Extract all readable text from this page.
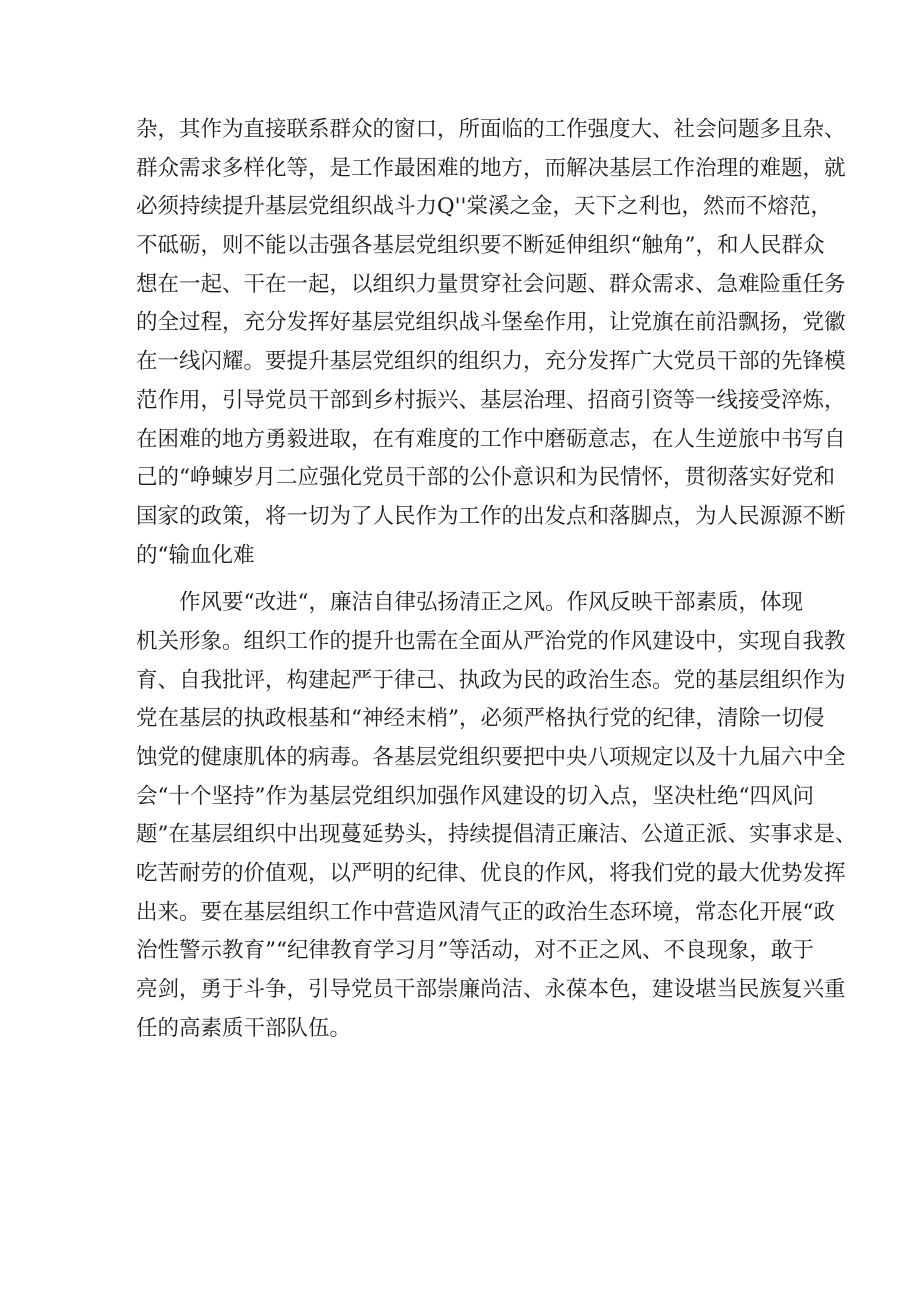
杂，其作为直接联系群众的窗口，所面临的工作强度大、社会问题多且杂、
群众需求多样化等，是工作最困难的地方，而解决基层工作治理的难题，就
必须持续提升基层党组织战斗力Q''棠溪之金，天下之利也，然而不熔范，
不砥砺，则不能以击强各基层党组织要不断延伸组织“触角”，和人民群众
想在一起、干在一起，以组织力量贯穿社会问题、群众需求、急难险重任务
的全过程，充分发挥好基层党组织战斗堡垒作用，让党旗在前沿飘扬，党徽
在一线闪耀。要提升基层党组织的组织力，充分发挥广大党员干部的先锋模
范作用，引导党员干部到乡村振兴、基层治理、招商引资等一线接受淬炼，
在困难的地方勇毅进取，在有难度的工作中磨砺意志，在人生逆旅中书写自
己的“峥蝀岁月二应强化党员干部的公仆意识和为民情怀，贯彻落实好党和
国家的政策，将一切为了人民作为工作的出发点和落脚点，为人民源源不断
的“输血化难
作风要“改进“，廉洁自律弘扬清正之风。作风反映干部素质，体现
机关形象。组织工作的提升也需在全面从严治党的作风建设中，实现自我教
育、自我批评，构建起严于律己、执政为民的政治生态。党的基层组织作为
党在基层的执政根基和“神经末梢”，必须严格执行党的纪律，清除一切侵
蚀党的健康肌体的病毒。各基层党组织要把中央八项规定以及十九届六中全
会“十个坚持”作为基层党组织加强作风建设的切入点，坚决杜绝“四风问
题”在基层组织中出现蔓延势头，持续提倡清正廉洁、公道正派、实事求是、
吃苦耐劳的价值观，以严明的纪律、优良的作风，将我们党的最大优势发挥
出来。要在基层组织工作中营造风清气正的政治生态环境，常态化开展“政
治性警示教育”“纪律教育学习月”等活动，对不正之风、不良现象，敢于
亮剑，勇于斗争，引导党员干部崇廉尚洁、永葆本色，建设堪当民族复兴重
任的高素质干部队伍。
